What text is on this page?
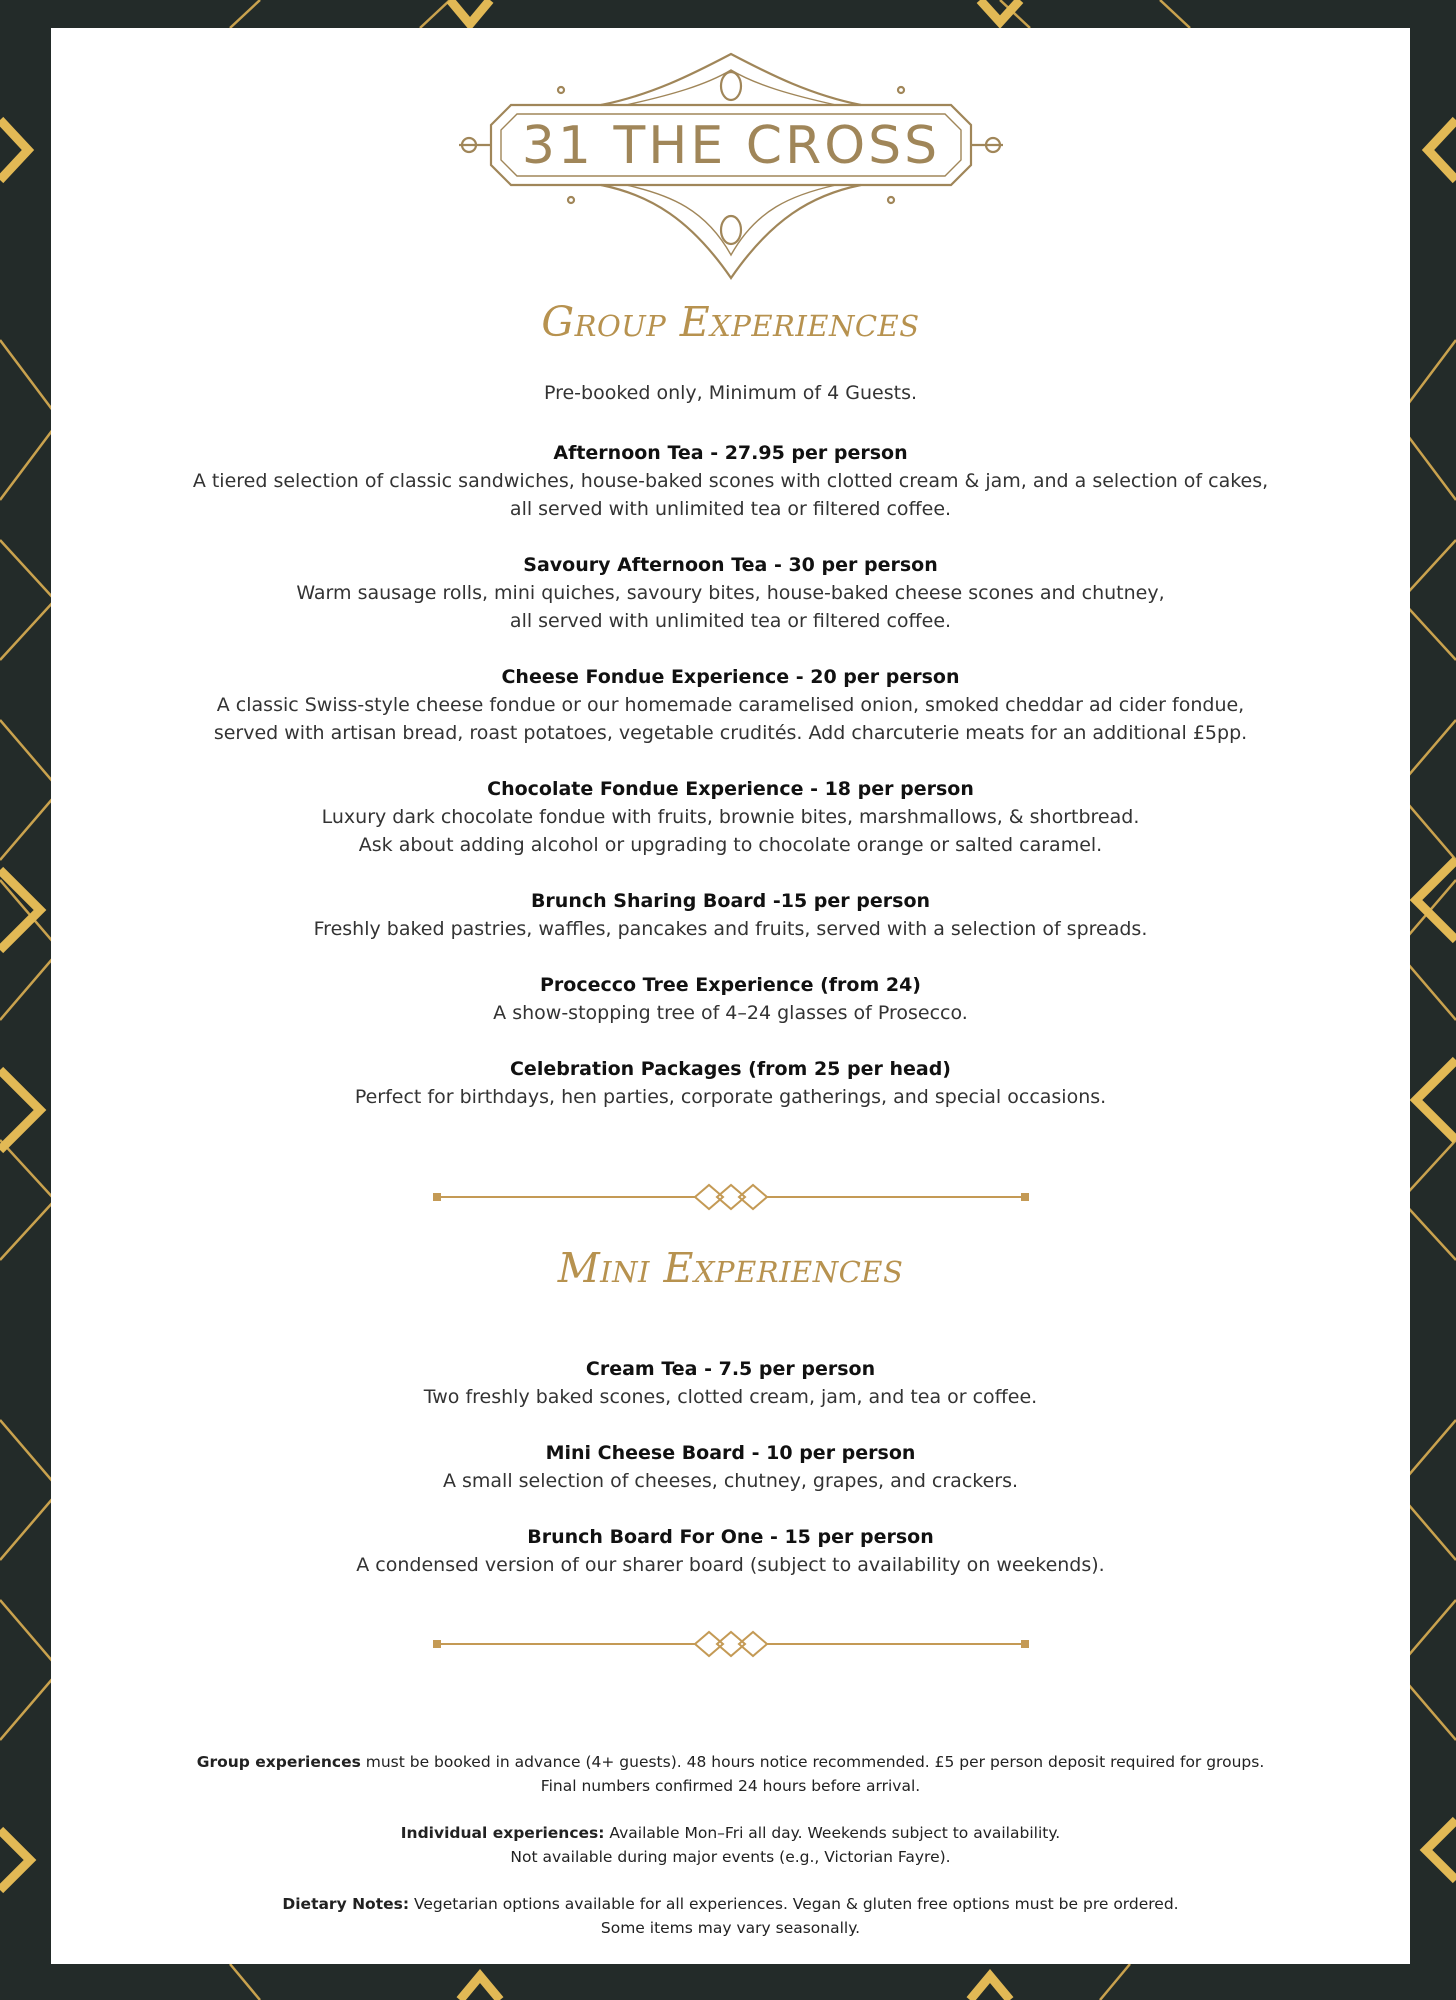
31 THE CROSS
Group Experiences
Pre-booked only, Minimum of 4 Guests.
Afternoon Tea - 27.95 per person
A tiered selection of classic sandwiches, house-baked scones with clotted cream & jam, and a selection of cakes,
all served with unlimited tea or filtered coffee.
Savoury Afternoon Tea - 30 per person
Warm sausage rolls, mini quiches, savoury bites, house-baked cheese scones and chutney,
all served with unlimited tea or filtered coffee.
Cheese Fondue Experience - 20 per person
A classic Swiss-style cheese fondue or our homemade caramelised onion, smoked cheddar ad cider fondue,
served with artisan bread, roast potatoes, vegetable crudités. Add charcuterie meats for an additional £5pp.
Chocolate Fondue Experience - 18 per person
Luxury dark chocolate fondue with fruits, brownie bites, marshmallows, & shortbread.
Ask about adding alcohol or upgrading to chocolate orange or salted caramel.
Brunch Sharing Board -15 per person
Freshly baked pastries, waffles, pancakes and fruits, served with a selection of spreads.
Procecco Tree Experience (from 24)
A show-stopping tree of 4–24 glasses of Prosecco.
Celebration Packages (from 25 per head)
Perfect for birthdays, hen parties, corporate gatherings, and special occasions.
Mini Experiences
Cream Tea - 7.5 per person
Two freshly baked scones, clotted cream, jam, and tea or coffee.
Mini Cheese Board - 10 per person
A small selection of cheeses, chutney, grapes, and crackers.
Brunch Board For One - 15 per person
A condensed version of our sharer board (subject to availability on weekends).
Group experiences must be booked in advance (4+ guests). 48 hours notice recommended. £5 per person deposit required for groups.
Final numbers confirmed 24 hours before arrival.
Individual experiences: Available Mon–Fri all day. Weekends subject to availability.
Not available during major events (e.g., Victorian Fayre).
Dietary Notes: Vegetarian options available for all experiences. Vegan & gluten free options must be pre ordered.
Some items may vary seasonally.
